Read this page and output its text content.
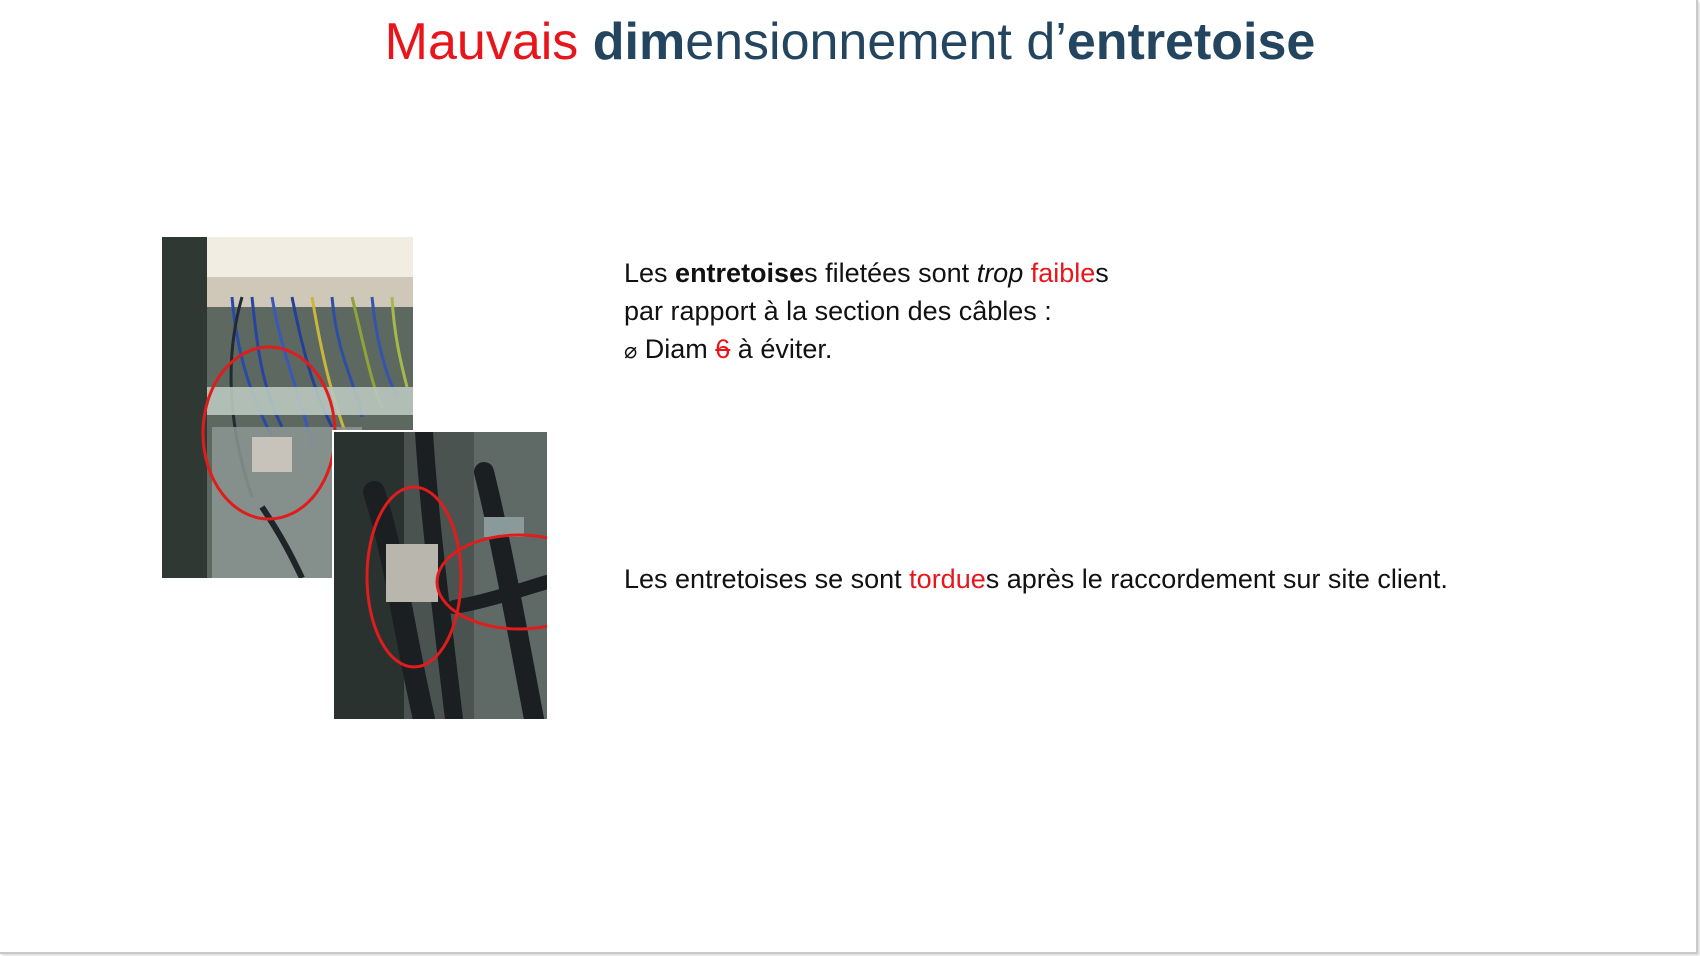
Mauvais dimensionnement d’entretoise
Les entretoises filetées sont trop faibles
par rapport à la section des câbles :
⌀ Diam 6 à éviter.
Les entretoises se sont tordues après le raccordement sur site client.
